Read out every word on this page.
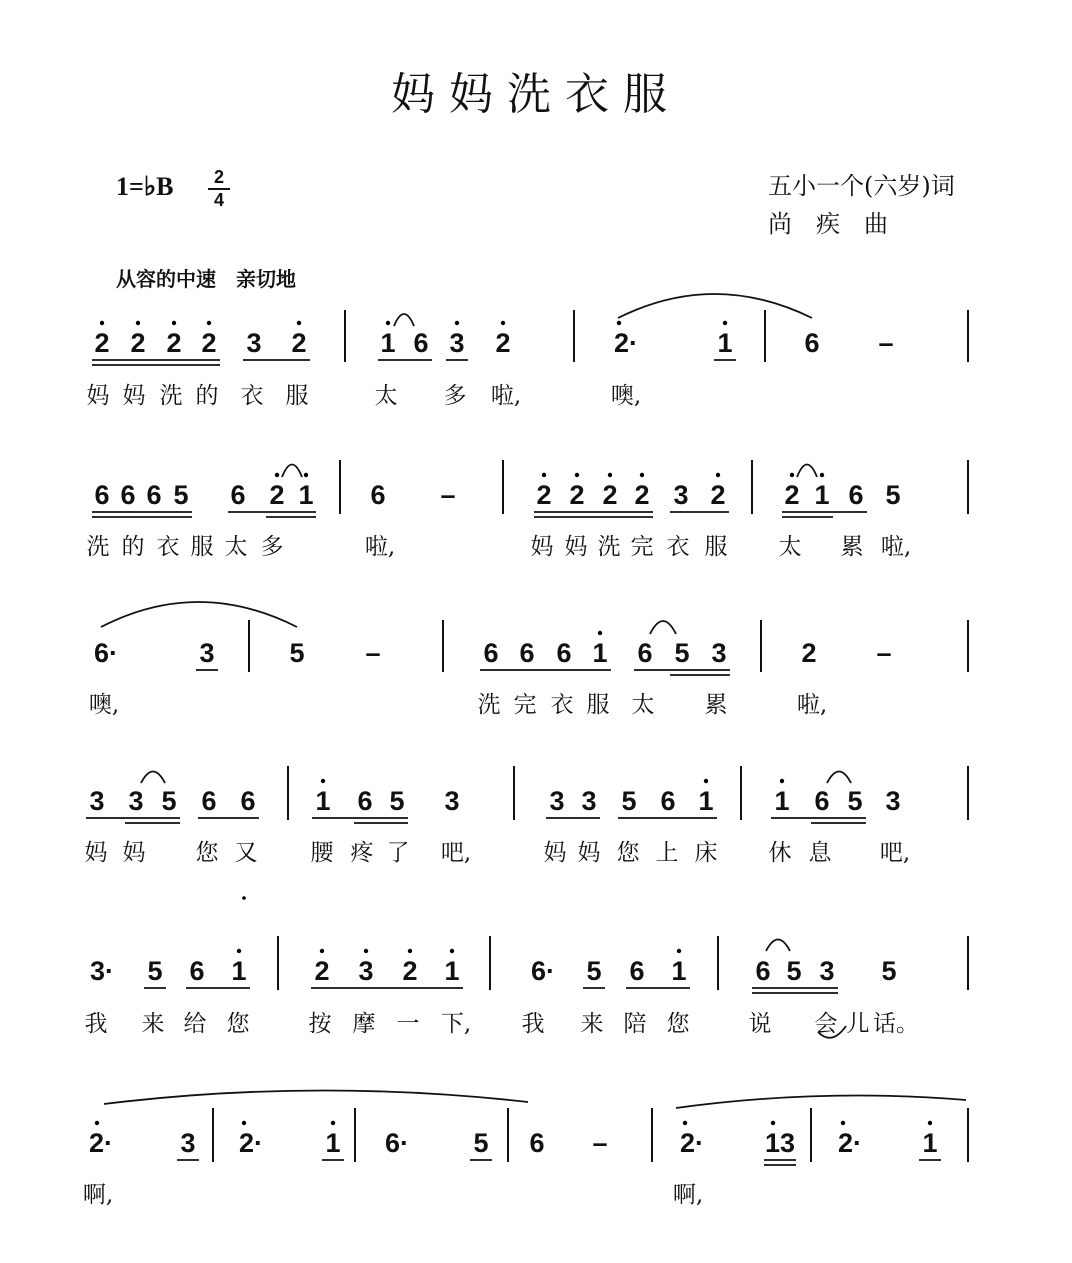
妈妈洗衣服
1=♭B	2
4	五小一个(六岁)词
尚　疾　曲
从容的中速　亲切地
2 2 2 2 3 2	1 6 3 2	2·	1	6 –
妈 妈 洗 的 衣 服	太 多 啦,	噢,
6 6 6 5 6 2 1 6 –	2 2 2 2 3 2 2 1 6 5
洗 的 衣 服 太 多	啦,	妈 妈 洗 完 衣 服 太 累 啦,
6·	3	5 –	6 6 6 1 6 5 3	2 –
噢,	洗 完 衣 服 太 累	啦,
3 3 5 6 6 1 6 5 3	3 3 5 6 1 1 6 5 3
妈 妈 您 又 腰 疼 了 吧,	妈 妈 您 上 床 休 息 吧,
3· 5 6 1	2 3 2 1	6· 5 6 1	6 5 3 5
我 来 给 您	按 摩 一 下, 我 来 陪 您	说 会 儿 话。
2· 3 2· 1 6· 5 6 –	2· 13 2· 1
啊,	啊,
